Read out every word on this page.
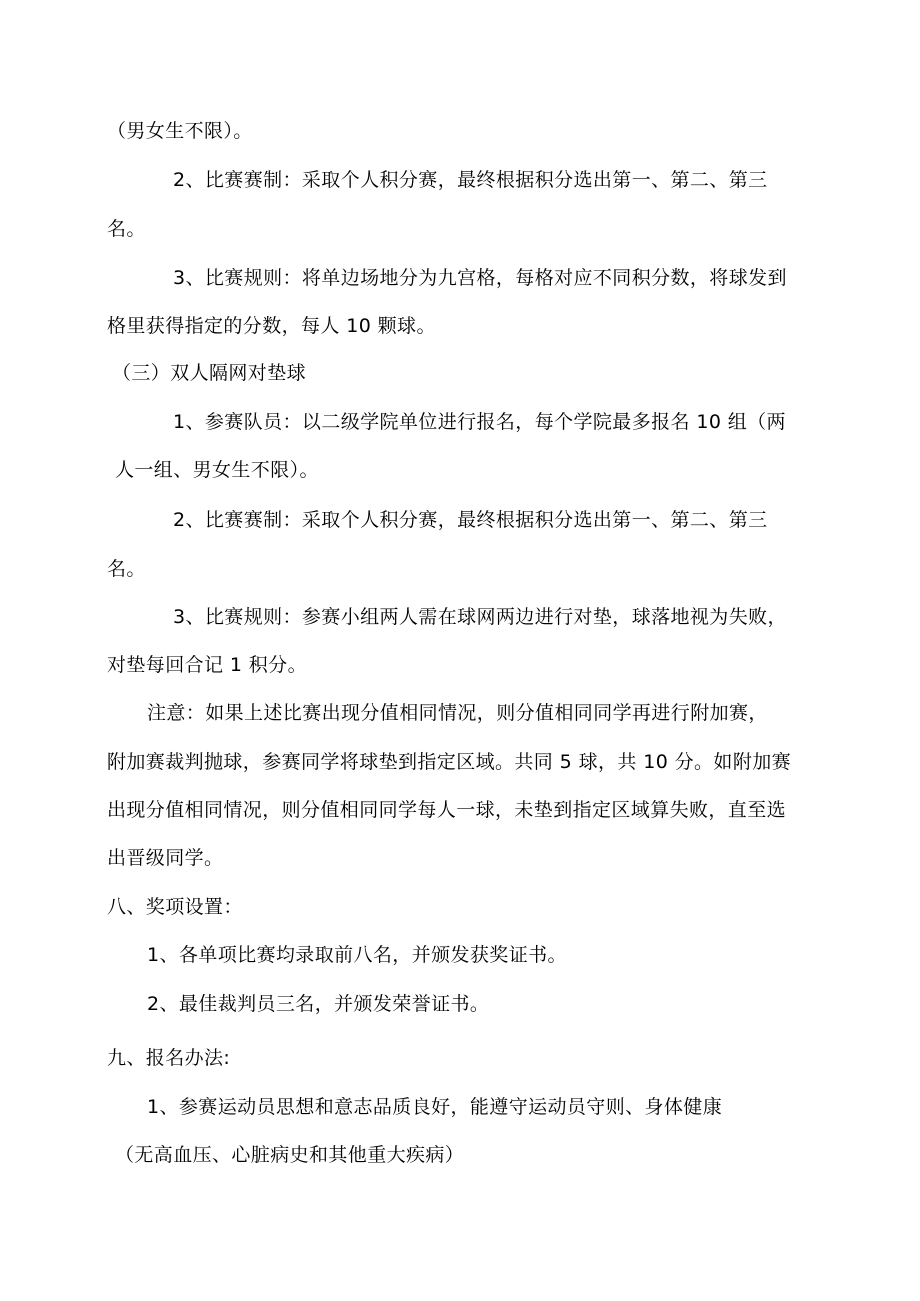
（男女生不限）。
2、比赛赛制：采取个人积分赛，最终根据积分选出第一、第二、第三
名。
3、比赛规则：将单边场地分为九宫格，每格对应不同积分数，将球发到
格里获得指定的分数，每人 10 颗球。
（三）双人隔网对垫球
1、参赛队员：以二级学院单位进行报名，每个学院最多报名 10 组（两
人一组、男女生不限）。
2、比赛赛制：采取个人积分赛，最终根据积分选出第一、第二、第三
名。
3、比赛规则：参赛小组两人需在球网两边进行对垫，球落地视为失败，
对垫每回合记 1 积分。
注意：如果上述比赛出现分值相同情况，则分值相同同学再进行附加赛，
附加赛裁判抛球，参赛同学将球垫到指定区域。共同 5 球，共 10 分。如附加赛
出现分值相同情况，则分值相同同学每人一球，未垫到指定区域算失败，直至选
出晋级同学。
八、奖项设置：
1、各单项比赛均录取前八名，并颁发获奖证书。
2、最佳裁判员三名，并颁发荣誉证书。
九、报名办法:
1、参赛运动员思想和意志品质良好，能遵守运动员守则、身体健康
（无高血压、心脏病史和其他重大疾病）
